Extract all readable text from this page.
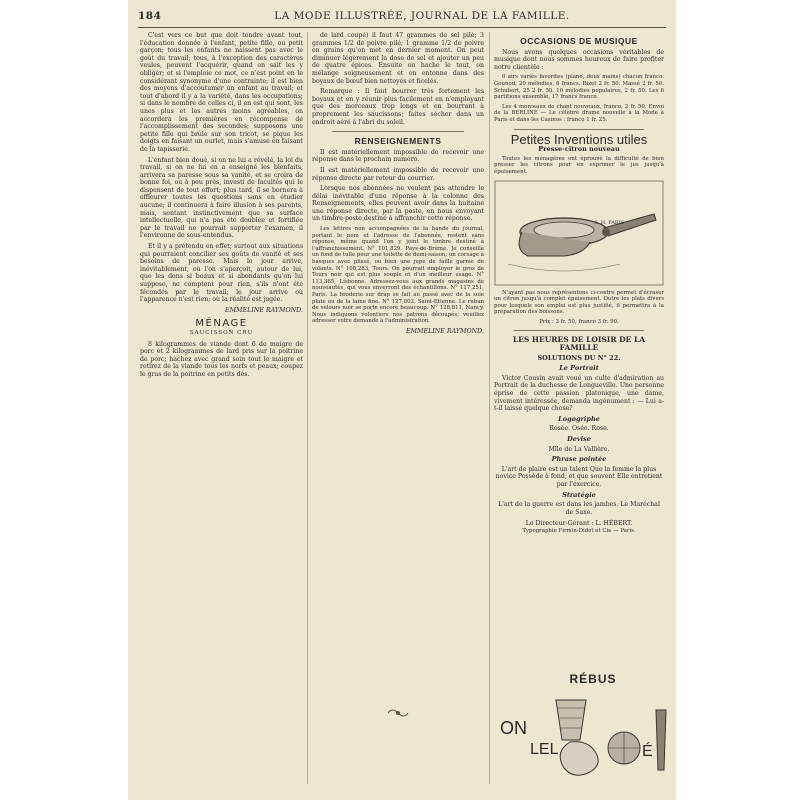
184	LA MODE ILLUSTRÉE, JOURNAL DE LA FAMILLE.

C'est vers ce but que doit tendre avant tout, l'éducation donnée à l'enfant, petite fille, ou petit garçon; tous les enfants ne naissent pas avec le goût du travail; tous, à l'exception des caractères veules, peuvent l'acquérir, quand on sait les y obliger; et si l'emploie ce mot, ce n'est point en le considérant synonyme d'une contrainte; il est bien des moyens d'accoutumer un enfant au travail; et tout d'abord il y a la variété, dans les occupations; si dans le nombre de celles ci, il en est qui sont, les unes plus et les autres moins agréables, on accordera les premières en récompense de l'accomplissement des secondes; supposons une petite fille qui brûle sur son tricot, se pique les doigts en faisant un ourlet, mais s'amuse en faisant de la tapisserie.

L'enfant bien doué, si on ne lui a révélé, la loi du travail, si on ne lui en a enseigné les bienfaits, arrivera sa paresse sous sa vanité, et se croira de bonne foi, ou à peu près, investi de facultés qui le dispensent de tout effort; plus tard, il se bornera à effleurer toutes les questions sans en étudier aucune; il continuera à faire illusion à ses parents, mais, sentant instinctivement que sa surface intellectuelle, qui n'a pas été doublée et fortifiée par le travail ne pourrait supporter l'examen, il l'environne de sous-entendus.

Et il y a prétendu en effet; surtout aux situations qui pourraient concilier ses goûts de vanité et ses besoins de paresse. Mais le jour arrive, inévitablement, où l'on s'aperçoit, autour de lui, que les dons si beaux et si abondants qu'on lui suppose, ne comptent pour rien, s'ils n'ont été fécondés par le travail; le jour arrive où l'apparence n'est rien; où la réalité est jugée.

EMMELINE RAYMOND.
MÉNAGE
SAUCISSON CRU

8 kilogrammes de viande dont 6 de maigre de porc et 2 kilogrammes de lard pris sur la poitrine de porc; hachez avec grand soin tout le maigre et retirez de la viande tous les nerfs et peaux; coupez le gras de la poitrine en petits dés.

de lard coupé) il faut 47 grammes de sel pilé; 3 grammes 1/2 de poivre pilé; 1 gramme 1/2 de poivre en grains qu'on met en dernier moment. On peut diminuer légèrement la dose de sel et ajouter un peu de quatre épices. Ensuite on hache le tout, on mélange soigneusement et on entonne dans des boyaux de bœuf bien nettoyés et ficelés.

Remarque : Il faut bourrer très fortement les boyaux et en y réunir plus facilement en n'employant que des morceaux trop longs et en bourrant à proprement les saucissons; faites sécher dans un endroit aéré à l'abri du soleil.

RENSEIGNEMENTS

Il est matériellement impossible de recevoir une réponse dans le prochain numéro.

Il est matériellement impossible de recevoir une réponse directe par retour du courrier.

Lorsque nos abonnées ne veulent pas attendre le délai inévitable d'une réponse à la colonne des Renseignements, elles peuvent avoir dans la huitaine une réponse directe, par la poste, en nous envoyant un timbre-poste destiné à affranchir cette réponse.

Les lettres non accompagnées de la bande du journal, portant le nom et l'adresse de l'abonnée, restent sans réponse, même quand l'on y joint le timbre destiné à l'affranchissement. N° 101,829. Pays-de-Brème. Je conseille un fond de tulle pour une toilette de demi-saison; un corsage à basques avec plissé, ou bien une jupe de faille garnie de volants. N° 108,283, Tours. On pourrait employer le gros de Tours noir qui est plus souple et d'un meilleur usage. N° 113,365, Lisbonne. Adressez-vous aux grands magasins de nouveautés, qui vous enverront des échantillons. N° 117,251, Paris. La broderie sur drap se fait au passé avec de la soie plate ou de la laine fine. N° 127,802. Saint-Etienne. Le ruban de velours noir se porte encore beaucoup. N° 128,811, Nancy. Nous indiquons volontiers nos patrons découpés; veuillez adresser votre demande à l'administration.

EMMELINE RAYMOND.
OCCASIONS DE MUSIQUE

Nous avons quelques occasions véritables de musique dont nous sommes heureux de faire profiter notre clientèle :

6 airs variés favorites (piano, deux mains) chacun franco. Gounod, 20 mélodies, 6 francs. Bizet 2 fr. 50. Massé 2 fr. 50. Schubert, 25 2 fr. 50. 10 mélodies populaires, 2 fr. 50. Les 6 partitions ensemble, 17 francs franco.

Les 4 morceaux de chant nouveaux, franco, 2 fr. 50. Envoi de la BERLINE — Le célèbre drame nouvelle à la Mode à Paris et dans les Casinos : franco 1 fr. 25.

Petites Inventions utiles
Presse-citron nouveau

Toutes les ménagères ont éprouvé la difficulté de bien presser les citrons pour en exprimer le jus jusqu'à épuisement.

S. H. PARIS

N'ayant pas nous représentons ci-contre permet d'écraser un citron jusqu'à complet épuisement. Outre les plats divers pour lesquels son emploi est plus justifié, il permettra à la préparation des boissons.

Prix : 3 fr. 50, franco 3 fr. 90.
LES HEURES DE LOISIR DE LA FAMILLE
SOLUTIONS DU N° 22.
Le Portrait

Victor Cousin avait voué un culte d'admiration au Portrait de la duchesse de Longueville. Une personne éprise de cette passion platonique, une dame, vivement intéressée, demanda ingénument : — Lui a-t-il laissé quelque chose?

Logogriphe
Rosée. Osée. Rose.
Devise
Mlle de La Vallière.
Phrase pointée
L'art de plaire est un talent Que la femme la plus novice Possède à fond, et que souvent Elle entretient par l'exercice.
Stratégie
L'art de la guerre est dans les jambes. Le Maréchal de Saxe.
Le Directeur-Gérant : L. HÉBERT.
Typographie Firmin-Didot et Cie — Paris.
RÉBUS
ON
LEL	É
